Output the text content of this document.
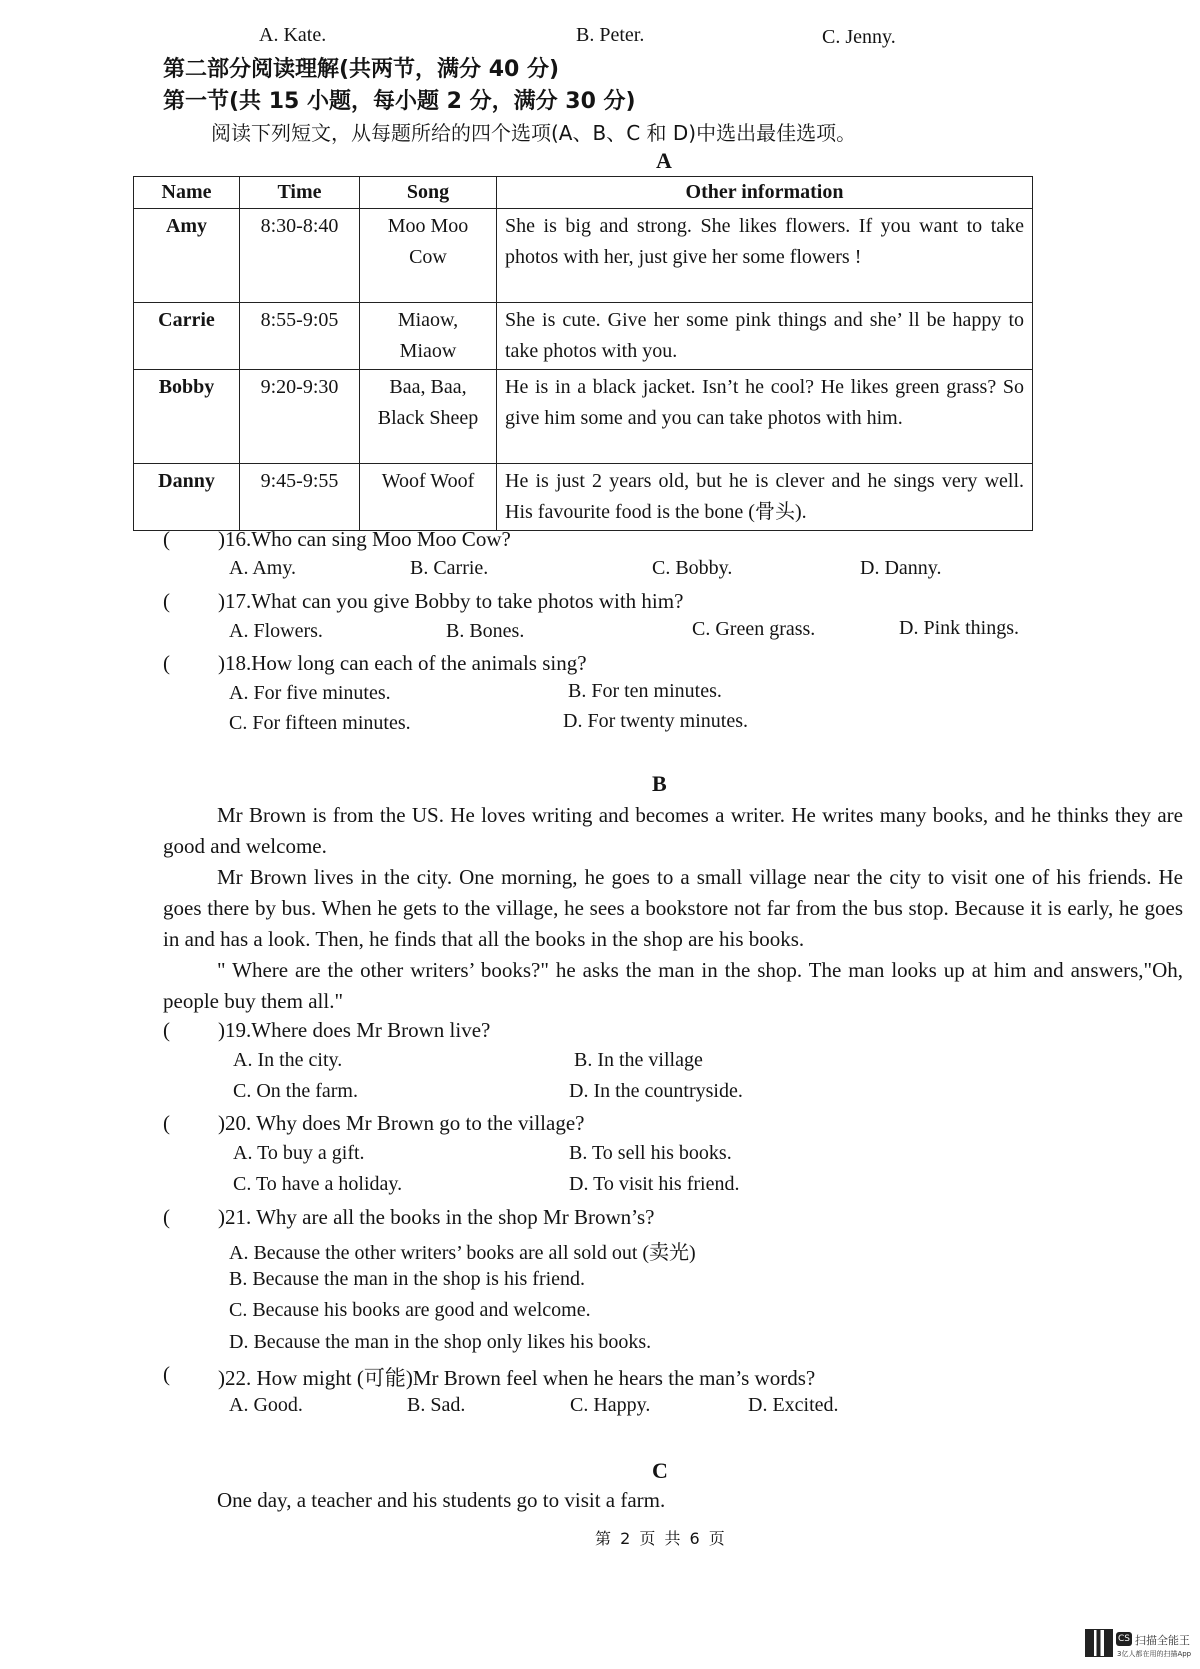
A. Kate.	B. Peter.	C. Jenny.
第二部分阅读理解(共两节，满分 40 分)
第一节(共 15 小题，每小题 2 分，满分 30 分)
阅读下列短文，从每题所给的四个选项(A、B、C 和 D)中选出最佳选项。
A
Name	Time	Song	Other information
Amy	8:30-8:40	Moo Moo Cow	She is big and strong. She likes flowers. If you want to take photos with her, just give her some flowers !
Carrie	8:55-9:05	Miaow, Miaow	She is cute. Give her some pink things and she’ ll be happy to take photos with you.
Bobby	9:20-9:30	Baa, Baa, Black Sheep	He is in a black jacket. Isn’t he cool? He likes green grass? So give him some and you can take photos with him.
Danny	9:45-9:55	Woof Woof	He is just 2 years old, but he is clever and he sings very well. His favourite food is the bone (骨头).
( )16.Who can sing Moo Moo Cow?
A. Amy.	B. Carrie.	C. Bobby.	D. Danny.
( )17.What can you give Bobby to take photos with him?
A. Flowers.	B. Bones.	C. Green grass.	D. Pink things.
( )18.How long can each of the animals sing?
A. For five minutes.	B. For ten minutes.
C. For fifteen minutes.	D. For twenty minutes.
B
Mr Brown is from the US. He loves writing and becomes a writer. He writes many books, and he thinks they are good and welcome.
Mr Brown lives in the city. One morning, he goes to a small village near the city to visit one of his friends. He goes there by bus. When he gets to the village, he sees a bookstore not far from the bus stop. Because it is early, he goes in and has a look. Then, he finds that all the books in the shop are his books.
" Where are the other writers’ books?" he asks the man in the shop. The man looks up at him and answers,"Oh, people buy them all."
( )19.Where does Mr Brown live?
A. In the city.	B. In the village
C. On the farm.	D. In the countryside.
( )20. Why does Mr Brown go to the village?
A. To buy a gift.	B. To sell his books.
C. To have a holiday.	D. To visit his friend.
( )21. Why are all the books in the shop Mr Brown’s?
A. Because the other writers’ books are all sold out (卖光)
B. Because the man in the shop is his friend.
C. Because his books are good and welcome.
D. Because the man in the shop only likes his books.
( )22. How might (可能)Mr Brown feel when he hears the man’s words?
A. Good.	B. Sad.	C. Happy.	D. Excited.
C
One day, a teacher and his students go to visit a farm.
第 2 页 共 6 页
CS 扫描全能王
3亿人都在用的扫描App
